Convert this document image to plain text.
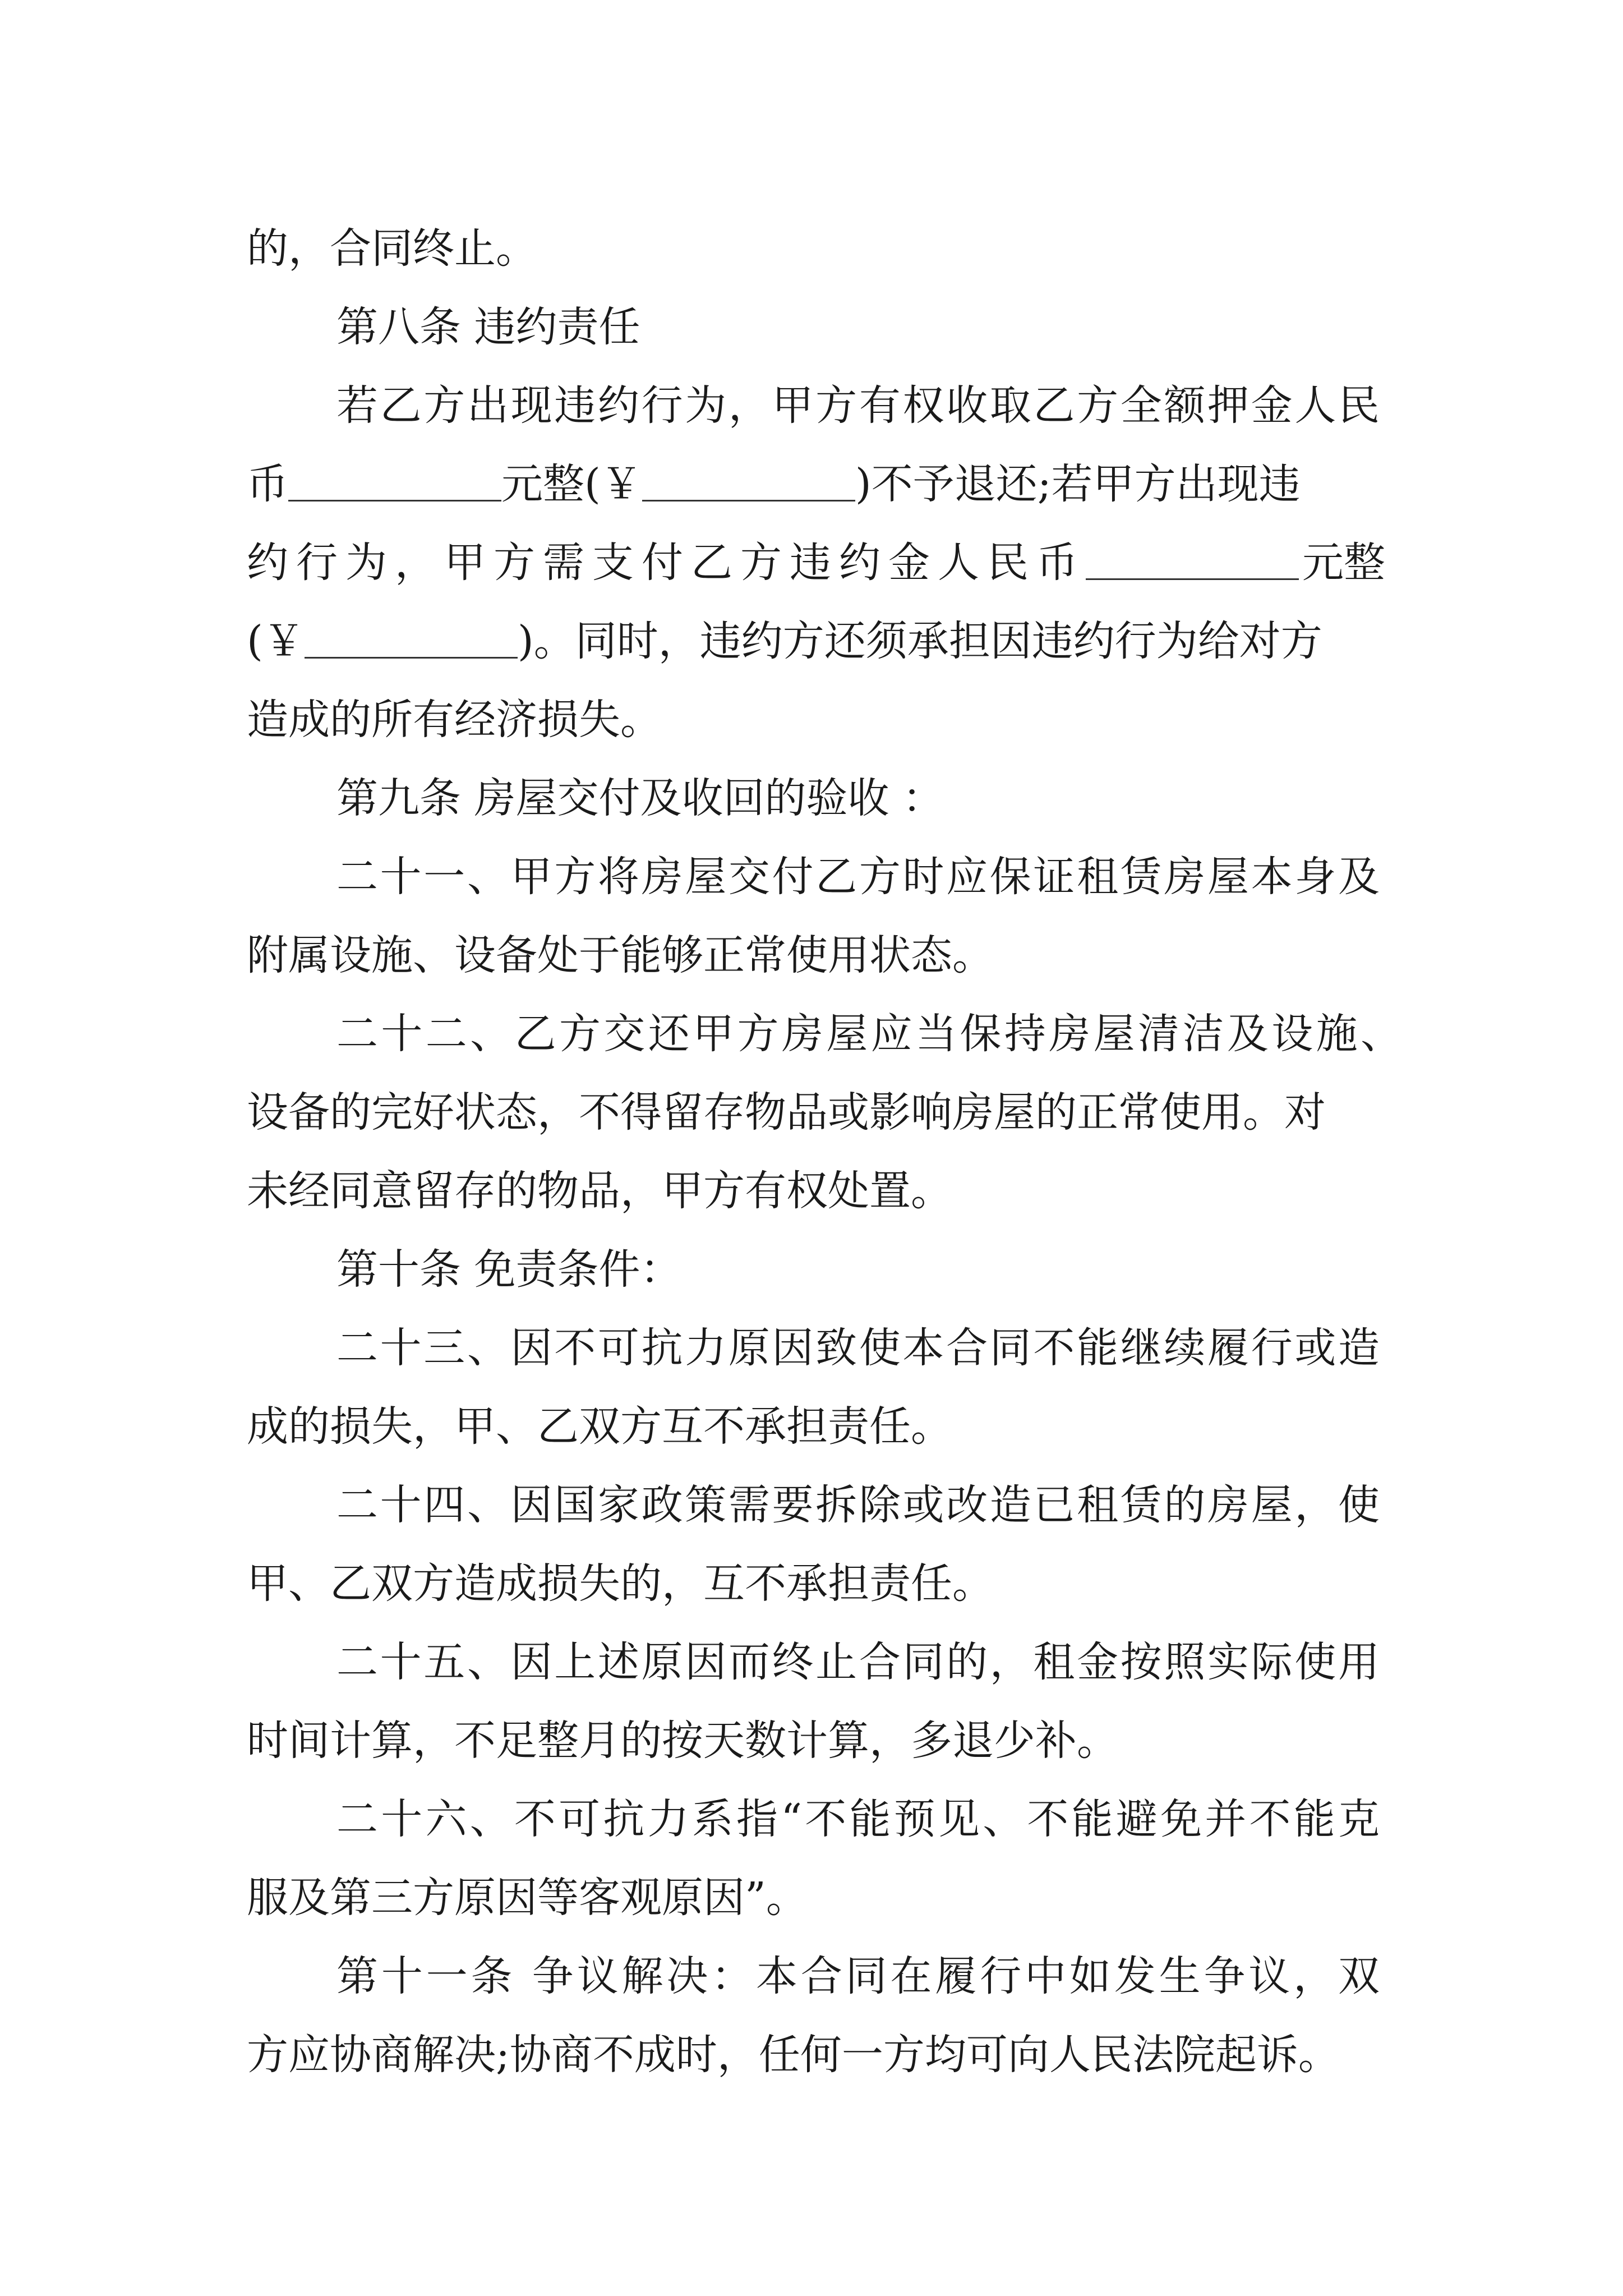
的，合同终止。
第八条 违约责任
若乙方出现违约行为，甲方有权收取乙方全额押金人民
币	元整(￥	)不予退还;若甲方出现违
约行为，甲方需支付乙方违约金人民币	元整
(￥	)。同时，违约方还须承担因违约行为给对方
造成的所有经济损失。
第九条 房屋交付及收回的验收 ：
二十一、甲方将房屋交付乙方时应保证租赁房屋本身及
附属设施、设备处于能够正常使用状态。
二十二、乙方交还甲方房屋应当保持房屋清洁及设施、
设备的完好状态，不得留存物品或影响房屋的正常使用。对
未经同意留存的物品，甲方有权处置。
第十条 免责条件：
二十三、因不可抗力原因致使本合同不能继续履行或造
成的损失，甲、乙双方互不承担责任。
二十四、因国家政策需要拆除或改造已租赁的房屋，使
甲、乙双方造成损失的，互不承担责任。
二十五、因上述原因而终止合同的，租金按照实际使用
时间计算，不足整月的按天数计算，多退少补。
二十六、不可抗力系指“不能预见、不能避免并不能克
服及第三方原因等客观原因”。
第十一条 争议解决：本合同在履行中如发生争议，双
方应协商解决;协商不成时，任何一方均可向人民法院起诉。
